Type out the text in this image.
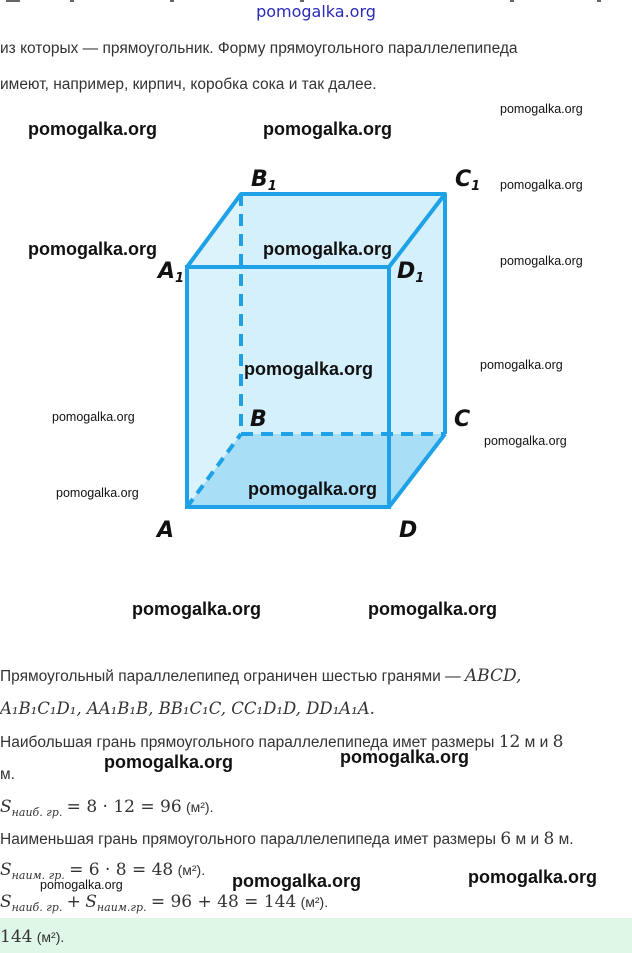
pomogalka.org
из которых — прямоугольник. Форму прямоугольного параллелепипеда
имеют, например, кирпич, коробка сока и так далее.
B1	C1
A1	D1
B	C
A	D
pomogalka.org	pomogalka.org
pomogalka.org
pomogalka.org
pomogalka.org	pomogalka.org
pomogalka.org
pomogalka.org
pomogalka.org
pomogalka.org
pomogalka.org
pomogalka.org	pomogalka.org
pomogalka.org	pomogalka.org
pomogalka.org	pomogalka.org
pomogalka.org	pomogalka.org	pomogalka.org
Прямоугольный параллелепипед ограничен шестью гранями — ABCD,
A₁B₁C₁D₁, AA₁B₁B, BB₁C₁C, CC₁D₁D, DD₁A₁A.
Наибольшая грань прямоугольного параллелепипеда имет размеры 12 м и 8
м.
$S_{наиб. гр.} = 8 \cdot 12 = 96$ (м²).
Наименьшая грань прямоугольного параллелепипеда имет размеры 6 м и 8 м.
$S_{наим. гр.} = 6 \cdot 8 = 48$ (м²).
$S_{наиб. гр.} + S_{наим.гр.} = 96 + 48 = 144$ (м²).
144 (м²).
